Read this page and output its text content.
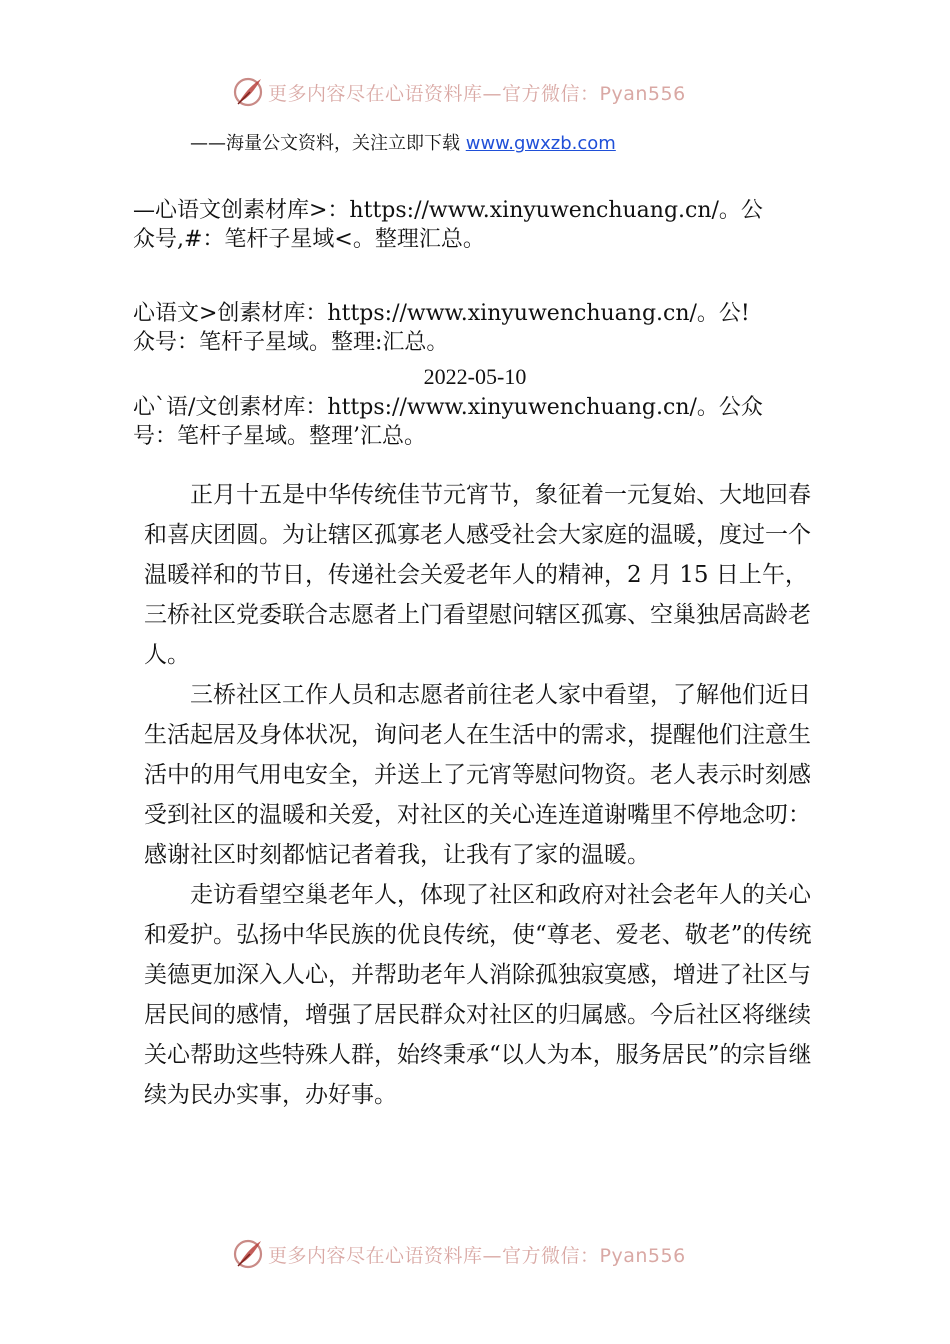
更多内容尽在心语资料库—官方微信：Pyan556
——海量公文资料，关注立即下载 www.gwxzb.com
—心语文创素材库>：https://www.xinyuwenchuang.cn/。公
众号,#：笔杆子星域<。整理汇总。
心语文>创素材库：https://www.xinyuwenchuang.cn/。公!
众号：笔杆子星域。整理:汇总。
2022-05-10
心`语/文创素材库：https://www.xinyuwenchuang.cn/。公众
号：笔杆子星域。整理’汇总。

正月十五是中华传统佳节元宵节，象征着一元复始、大地回春和喜庆团圆。为让辖区孤寡老人感受社会大家庭的温暖，度过一个温暖祥和的节日，传递社会关爱老年人的精神，2 月 15 日上午，三桥社区党委联合志愿者上门看望慰问辖区孤寡、空巢独居高龄老人。

三桥社区工作人员和志愿者前往老人家中看望，了解他们近日生活起居及身体状况，询问老人在生活中的需求，提醒他们注意生活中的用气用电安全，并送上了元宵等慰问物资。老人表示时刻感受到社区的温暖和关爱，对社区的关心连连道谢嘴里不停地念叨：感谢社区时刻都惦记者着我，让我有了家的温暖。

走访看望空巢老年人，体现了社区和政府对社会老年人的关心和爱护。弘扬中华民族的优良传统，使“尊老、爱老、敬老”的传统美德更加深入人心，并帮助老年人消除孤独寂寞感，增进了社区与居民间的感情，增强了居民群众对社区的归属感。今后社区将继续关心帮助这些特殊人群，始终秉承“以人为本，服务居民”的宗旨继续为民办实事，办好事。

更多内容尽在心语资料库—官方微信：Pyan556
